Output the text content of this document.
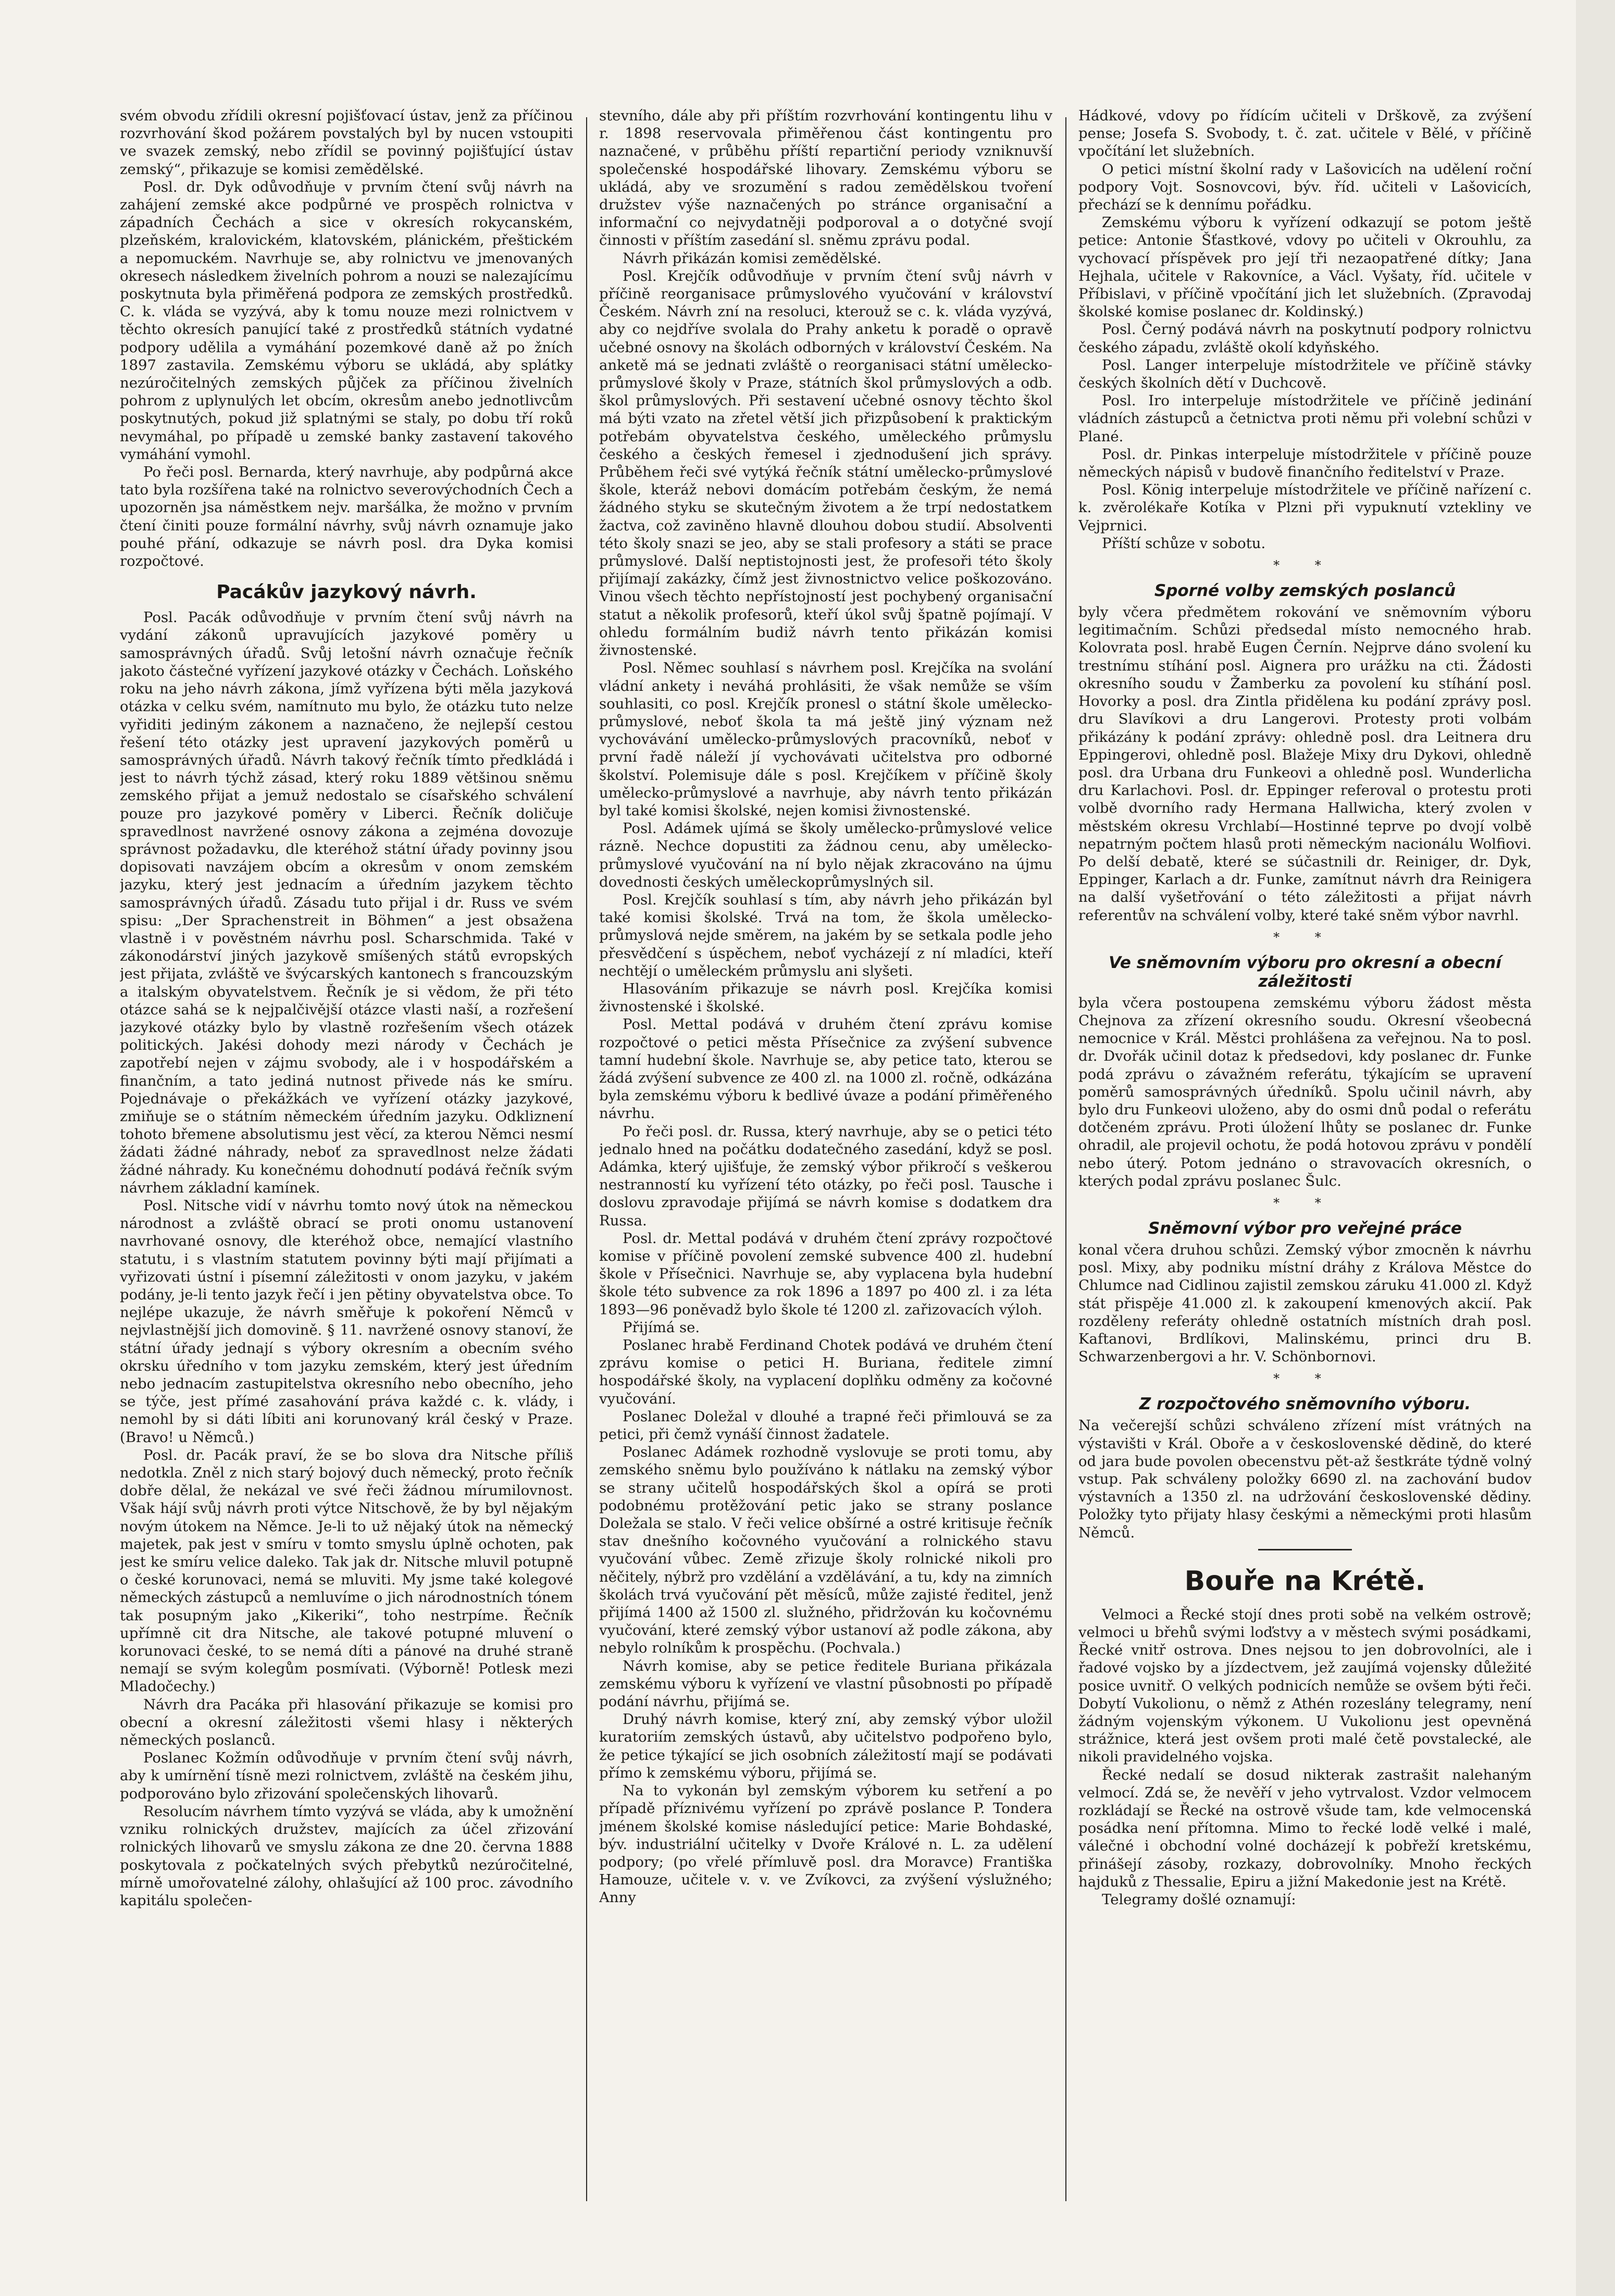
svém obvodu zřídili okresní pojišťovací ústav, jenž za příčinou rozvrhování škod požárem povstalých byl by nucen vstoupiti ve svazek zemský, nebo zřídil se povinný pojišťující ústav zemský“, přikazuje se komisi zemědělské.

Posl. dr. Dyk odůvodňuje v prvním čtení svůj návrh na zahájení zemské akce podpůrné ve prospěch rolnictva v západních Čechách a sice v okresích rokycanském, plzeňském, kralovickém, klatovském, plánickém, přeštickém a nepomuckém. Navrhuje se, aby rolnictvu ve jmenovaných okresech následkem živelních pohrom a nouzi se nalezajícímu poskytnuta byla přiměřená podpora ze zemských prostředků. C. k. vláda se vyzývá, aby k tomu nouze mezi rolnictvem v těchto okresích panující také z prostředků státních vydatné podpory udělila a vymáhání pozemkové daně až po žních 1897 zastavila. Zemskému výboru se ukládá, aby splátky nezúročitelných zemských půjček za příčinou živelních pohrom z uplynulých let obcím, okresům anebo jednotlivcům poskytnutých, pokud již splatnými se staly, po dobu tří roků nevymáhal, po případě u zemské banky zastavení takového vymáhání vymohl.

Po řeči posl. Bernarda, který navrhuje, aby podpůrná akce tato byla rozšířena také na rolnictvo severovýchodních Čech a upozorněn jsa náměstkem nejv. maršálka, že možno v prvním čtení činiti pouze formální návrhy, svůj návrh oznamuje jako pouhé přání, odkazuje se návrh posl. dra Dyka komisi rozpočtové.

Pacákův jazykový návrh.

Posl. Pacák odůvodňuje v prvním čtení svůj návrh na vydání zákonů upravujících jazykové poměry u samosprávných úřadů. Svůj letošní návrh označuje řečník jakoto částečné vyřízení jazykové otázky v Čechách. Loňského roku na jeho návrh zákona, jímž vyřízena býti měla jazyková otázka v celku svém, namítnuto mu bylo, že otázku tuto nelze vyřiditi jediným zákonem a naznačeno, že nejlepší cestou řešení této otázky jest upravení jazykových poměrů u samosprávných úřadů. Návrh takový řečník tímto předkládá i jest to návrh týchž zásad, který roku 1889 většinou sněmu zemského přijat a jemuž nedostalo se císařského schválení pouze pro jazykové poměry v Liberci. Řečník doličuje spravedlnost navržené osnovy zákona a zejména dovozuje správnost požadavku, dle kteréhož státní úřady povinny jsou dopisovati navzájem obcím a okresům v onom zemském jazyku, který jest jednacím a úředním jazykem těchto samosprávných úřadů. Zásadu tuto přijal i dr. Russ ve svém spisu: „Der Sprachenstreit in Böhmen“ a jest obsažena vlastně i v pověstném návrhu posl. Scharschmida. Také v zákonodárství jiných jazykově smíšených států evropských jest přijata, zvláště ve švýcarských kantonech s francouzským a italským obyvatelstvem. Řečník je si vědom, že při této otázce sahá se k nejpalčivější otázce vlasti naší, a rozřešení jazykové otázky bylo by vlastně rozřešením všech otázek politických. Jakési dohody mezi národy v Čechách je zapotřebí nejen v zájmu svobody, ale i v hospodářském a finančním, a tato jediná nutnost přivede nás ke smíru. Pojednávaje o překážkách ve vyřízení otázky jazykové, zmiňuje se o státním německém úředním jazyku. Odkliznení tohoto břemene absolutismu jest věcí, za kterou Němci nesmí žádati žádné náhrady, neboť za spravedlnost nelze žádati žádné náhrady. Ku konečnému dohodnutí podává řečník svým návrhem základní kamínek.

Posl. Nitsche vidí v návrhu tomto nový útok na německou národnost a zvláště obrací se proti onomu ustanovení navrhované osnovy, dle kteréhož obce, nemající vlastního statutu, i s vlastním statutem povinny býti mají přijímati a vyřizovati ústní i písemní záležitosti v onom jazyku, v jakém podány, je-li tento jazyk řečí i jen pětiny obyvatelstva obce. To nejlépe ukazuje, že návrh směřuje k pokoření Němců v nejvlastnější jich domovině. § 11. navržené osnovy stanoví, že státní úřady jednají s výbory okresním a obecním svého okrsku úředního v tom jazyku zemském, který jest úředním nebo jednacím zastupitelstva okresního nebo obecního, jeho se týče, jest přímé zasahování práva každé c. k. vlády, i nemohl by si dáti líbiti ani korunovaný král český v Praze. (Bravo! u Němců.)

Posl. dr. Pacák praví, že se bo slova dra Nitsche příliš nedotkla. Zněl z nich starý bojový duch německý, proto řečník dobře dělal, že nekázal ve své řeči žádnou mírumilovnost. Však hájí svůj návrh proti výtce Nitschově, že by byl nějakým novým útokem na Němce. Je-li to už nějaký útok na německý majetek, pak jest v smíru v tomto smyslu úplně ochoten, pak jest ke smíru velice daleko. Tak jak dr. Nitsche mluvil potupně o české korunovaci, nemá se mluviti. My jsme také kolegové německých zástupců a nemluvíme o jich národnostních tónem tak posupným jako „Kikeriki“, toho nestrpíme. Řečník upřímně cit dra Nitsche, ale takové potupné mluvení o korunovaci české, to se nemá díti a pánové na druhé straně nemají se svým kolegům posmívati. (Výborně! Potlesk mezi Mladočechy.)

Návrh dra Pacáka při hlasování přikazuje se komisi pro obecní a okresní záležitosti všemi hlasy i některých německých poslanců.

Poslanec Kožmín odůvodňuje v prvním čtení svůj návrh, aby k umírnění tísně mezi rolnictvem, zvláště na českém jihu, podporováno bylo zřizování společenských lihovarů.

Resolucím návrhem tímto vyzývá se vláda, aby k umožnění vzniku rolnických družstev, majících za účel zřizování rolnických lihovarů ve smyslu zákona ze dne 20. června 1888 poskytovala z počkatelných svých přebytků nezúročitelné, mírně umořovatelné zálohy, ohlašující až 100 proc. závodního kapitálu společen-

stevního, dále aby při příštím rozvrhování kontingentu lihu v r. 1898 reservovala přiměřenou část kontingentu pro naznačené, v průběhu příští repartiční periody vzniknuvší společenské hospodářské lihovary. Zemskému výboru se ukládá, aby ve srozumění s radou zemědělskou tvoření družstev výše naznačených po stránce organisační a informační co nejvydatněji podporoval a o dotyčné svojí činnosti v příštím zasedání sl. sněmu zprávu podal.

Návrh přikázán komisi zemědělské.

Posl. Krejčík odůvodňuje v prvním čtení svůj návrh v příčině reorganisace průmyslového vyučování v království Českém. Návrh zní na resoluci, kterouž se c. k. vláda vyzývá, aby co nejdříve svolala do Prahy anketu k poradě o opravě učebné osnovy na školách odborných v království Českém. Na anketě má se jednati zvláště o reorganisaci státní umělecko-průmyslové školy v Praze, státních škol průmyslových a odb. škol průmyslových. Při sestavení učebné osnovy těchto škol má býti vzato na zřetel větší jich přizpůsobení k praktickým potřebám obyvatelstva českého, uměleckého průmyslu českého a českých řemesel i zjednodušení jich správy. Průběhem řeči své vytýká řečník státní umělecko-průmyslové škole, kteráž nebovi domácím potřebám českým, že nemá žádného styku se skutečným životem a že trpí nedostatkem žactva, což zaviněno hlavně dlouhou dobou studií. Absolventi této školy snazi se jeo, aby se stali profesory a státi se prace průmyslové. Další neptistojnosti jest, že profesoři této školy přijímají zakázky, čímž jest živnostnictvo velice poškozováno. Vinou všech těchto nepřístojností jest pochybený organisační statut a několik profesorů, kteří úkol svůj špatně pojímají. V ohledu formálním budiž návrh tento přikázán komisi živnostenské.

Posl. Němec souhlasí s návrhem posl. Krejčíka na svolání vládní ankety i neváhá prohlásiti, že však nemůže se vším souhlasiti, co posl. Krejčík pronesl o státní škole umělecko-průmyslové, neboť škola ta má ještě jiný význam než vychovávání umělecko-průmyslových pracovníků, neboť v první řadě náleží jí vychovávati učitelstva pro odborné školství. Polemisuje dále s posl. Krejčíkem v příčině školy umělecko-průmyslové a navrhuje, aby návrh tento přikázán byl také komisi školské, nejen komisi živnostenské.

Posl. Adámek ujímá se školy umělecko-průmyslové velice rázně. Nechce dopustiti za žádnou cenu, aby umělecko-průmyslové vyučování na ní bylo nějak zkracováno na újmu dovednosti českých uměleckoprůmyslných sil.

Posl. Krejčík souhlasí s tím, aby návrh jeho přikázán byl také komisi školské. Trvá na tom, že škola umělecko-průmyslová nejde směrem, na jakém by se setkala podle jeho přesvědčení s úspěchem, neboť vycházejí z ní mladíci, kteří nechtějí o uměleckém průmyslu ani slyšeti.

Hlasováním přikazuje se návrh posl. Krejčíka komisi živnostenské i školské.

Posl. Mettal podává v druhém čtení zprávu komise rozpočtové o petici města Přísečnice za zvýšení subvence tamní hudební škole. Navrhuje se, aby petice tato, kterou se žádá zvýšení subvence ze 400 zl. na 1000 zl. ročně, odkázána byla zemskému výboru k bedlivé úvaze a podání přiměřeného návrhu.

Po řeči posl. dr. Russa, který navrhuje, aby se o petici této jednalo hned na počátku dodatečného zasedání, když se posl. Adámka, který ujišťuje, že zemský výbor přikročí s veškerou nestranností ku vyřízení této otázky, po řeči posl. Tausche i doslovu zpravodaje přijímá se návrh komise s dodatkem dra Russa.

Posl. dr. Mettal podává v druhém čtení zprávy rozpočtové komise v příčině povolení zemské subvence 400 zl. hudební škole v Přísečnici. Navrhuje se, aby vyplacena byla hudební škole této subvence za rok 1896 a 1897 po 400 zl. i za léta 1893—96 poněvadž bylo škole té 1200 zl. zařizovacích výloh.

Přijímá se.

Poslanec hrabě Ferdinand Chotek podává ve druhém čtení zprávu komise o petici H. Buriana, ředitele zimní hospodářské školy, na vyplacení doplňku odměny za kočovné vyučování.

Poslanec Doležal v dlouhé a trapné řeči přimlouvá se za petici, při čemž vynáší činnost žadatele.

Poslanec Adámek rozhodně vyslovuje se proti tomu, aby zemského sněmu bylo používáno k nátlaku na zemský výbor se strany učitelů hospodářských škol a opírá se proti podobnému protěžování petic jako se strany poslance Doležala se stalo. V řeči velice obšírné a ostré kritisuje řečník stav dnešního kočovného vyučování a rolnického stavu vyučování vůbec. Země zřizuje školy rolnické nikoli pro něčitely, nýbrž pro vzdělání a vzdělávání, a tu, kdy na zimních školách trvá vyučování pět měsíců, může zajisté ředitel, jenž přijímá 1400 až 1500 zl. služného, přidržován ku kočovnému vyučování, které zemský výbor ustanoví až podle zákona, aby nebylo rolníkům k prospěchu. (Pochvala.)

Návrh komise, aby se petice ředitele Buriana přikázala zemskému výboru k vyřízení ve vlastní působnosti po případě podání návrhu, přijímá se.

Druhý návrh komise, který zní, aby zemský výbor uložil kuratoriím zemských ústavů, aby učitelstvo podpořeno bylo, že petice týkající se jich osobních záležitostí mají se podávati přímo k zemskému výboru, přijímá se.

Na to vykonán byl zemským výborem ku setření a po případě příznivému vyřízení po zprávě poslance P. Tondera jménem školské komise následující petice: Marie Bohdaské, býv. industriální učitelky v Dvoře Králové n. L. za udělení podpory; (po vřelé přímluvě posl. dra Moravce) Františka Hamouze, učitele v. v. ve Zvíkovci, za zvýšení výslužného; Anny

Hádkové, vdovy po řídícím učiteli v Drškově, za zvýšení pense; Josefa S. Svobody, t. č. zat. učitele v Bělé, v příčině vpočítání let služebních.

O petici místní školní rady v Lašovicích na udělení roční podpory Vojt. Sosnovcovi, býv. říd. učiteli v Lašovicích, přechází se k dennímu pořádku.

Zemskému výboru k vyřízení odkazují se potom ještě petice: Antonie Šťastkové, vdovy po učiteli v Okrouhlu, za vychovací příspěvek pro její tři nezaopatřené dítky; Jana Hejhala, učitele v Rakovníce, a Václ. Vyšaty, říd. učitele v Příbislavi, v příčině vpočítání jich let služebních. (Zpravodaj školské komise poslanec dr. Koldinský.)

Posl. Černý podává návrh na poskytnutí podpory rolnictvu českého západu, zvláště okolí kdyňského.

Posl. Langer interpeluje místodržitele ve příčině stávky českých školních dětí v Duchcově.

Posl. Iro interpeluje místodržitele ve příčině jedinání vládních zástupců a četnictva proti němu při volební schůzi v Plané.

Posl. dr. Pinkas interpeluje místodržitele v příčině pouze německých nápisů v budově finančního ředitelství v Praze.

Posl. König interpeluje místodržitele ve příčině nařízení c. k. zvěrolékaře Kotíka v Plzni při vypuknutí vztekliny ve Vejprnici.

Příští schůze v sobotu.

* *
Sporné volby zemských poslanců

byly včera předmětem rokování ve sněmovním výboru legitimačním. Schůzi předsedal místo nemocného hrab. Kolovrata posl. hrabě Eugen Černín. Nejprve dáno svolení ku trestnímu stíhání posl. Aignera pro urážku na cti. Žádosti okresního soudu v Žamberku za povolení ku stíhání posl. Hovorky a posl. dra Zintla přidělena ku podání zprávy posl. dru Slavíkovi a dru Langerovi. Protesty proti volbám přikázány k podání zprávy: ohledně posl. dra Leitnera dru Eppingerovi, ohledně posl. Blažeje Mixy dru Dykovi, ohledně posl. dra Urbana dru Funkeovi a ohledně posl. Wunderlicha dru Karlachovi. Posl. dr. Eppinger referoval o protestu proti volbě dvorního rady Hermana Hallwicha, který zvolen v městském okresu Vrchlabí—Hostinné teprve po dvojí volbě nepatrným počtem hlasů proti německým nacionálu Wolfiovi. Po delší debatě, které se súčastnili dr. Reiniger, dr. Dyk, Eppinger, Karlach a dr. Funke, zamítnut návrh dra Reinigera na další vyšetřování o této záležitosti a přijat návrh referentův na schválení volby, které také sněm výbor navrhl.

* *
Ve sněmovním výboru pro okresní a obecní záležitosti

byla včera postoupena zemskému výboru žádost města Chejnova za zřízení okresního soudu. Okresní všeobecná nemocnice v Král. Městci prohlášena za veřejnou. Na to posl. dr. Dvořák učinil dotaz k předsedovi, kdy poslanec dr. Funke podá zprávu o závažném referátu, týkajícím se upravení poměrů samosprávných úředníků. Spolu učinil návrh, aby bylo dru Funkeovi uloženo, aby do osmi dnů podal o referátu dotčeném zprávu. Proti úložení lhůty se poslanec dr. Funke ohradil, ale projevil ochotu, že podá hotovou zprávu v pondělí nebo úterý. Potom jednáno o stravovacích okresních, o kterých podal zprávu poslanec Šulc.

* *
Sněmovní výbor pro veřejné práce

konal včera druhou schůzi. Zemský výbor zmocněn k návrhu posl. Mixy, aby podniku místní dráhy z Králova Městce do Chlumce nad Cidlinou zajistil zemskou záruku 41.000 zl. Když stát přispěje 41.000 zl. k zakoupení kmenových akcií. Pak rozděleny referáty ohledně ostatních místních drah posl. Kaftanovi, Brdlíkovi, Malinskému, princi dru B. Schwarzenbergovi a hr. V. Schönbornovi.

* *
Z rozpočtového sněmovního výboru.

Na večerejší schůzi schváleno zřízení míst vrátných na výstavišti v Král. Oboře a v československé dědině, do které od jara bude povolen obecenstvu pět-až šestkráte týdně volný vstup. Pak schváleny položky 6690 zl. na zachování budov výstavních a 1350 zl. na udržování československé dědiny. Položky tyto přijaty hlasy českými a německými proti hlasům Němců.

Bouře na Krétě.

Velmoci a Řecké stojí dnes proti sobě na velkém ostrově; velmoci u břehů svými loďstvy a v městech svými posádkami, Řecké vnitř ostrova. Dnes nejsou to jen dobrovolníci, ale i řadové vojsko by a jízdectvem, jež zaujímá vojensky důležité posice uvnitř. O velkých podnicích nemůže se ovšem býti řeči. Dobytí Vukolionu, o němž z Athén rozeslány telegramy, není žádným vojenským výkonem. U Vukolionu jest opevněná strážnice, která jest ovšem proti malé četě povstalecké, ale nikoli pravidelného vojska.

Řecké nedalí se dosud nikterak zastrašit nalehaným velmocí. Zdá se, že nevěří v jeho vytrvalost. Vzdor velmocem rozkládají se Řecké na ostrově všude tam, kde velmocenská posádka není přítomna. Mimo to řecké lodě velké i malé, válečné i obchodní volné docházejí k pobřeží kretskému, přinášejí zásoby, rozkazy, dobrovolníky. Mnoho řeckých hajduků z Thessalie, Epiru a jižní Makedonie jest na Krétě.

Telegramy došlé oznamují:
